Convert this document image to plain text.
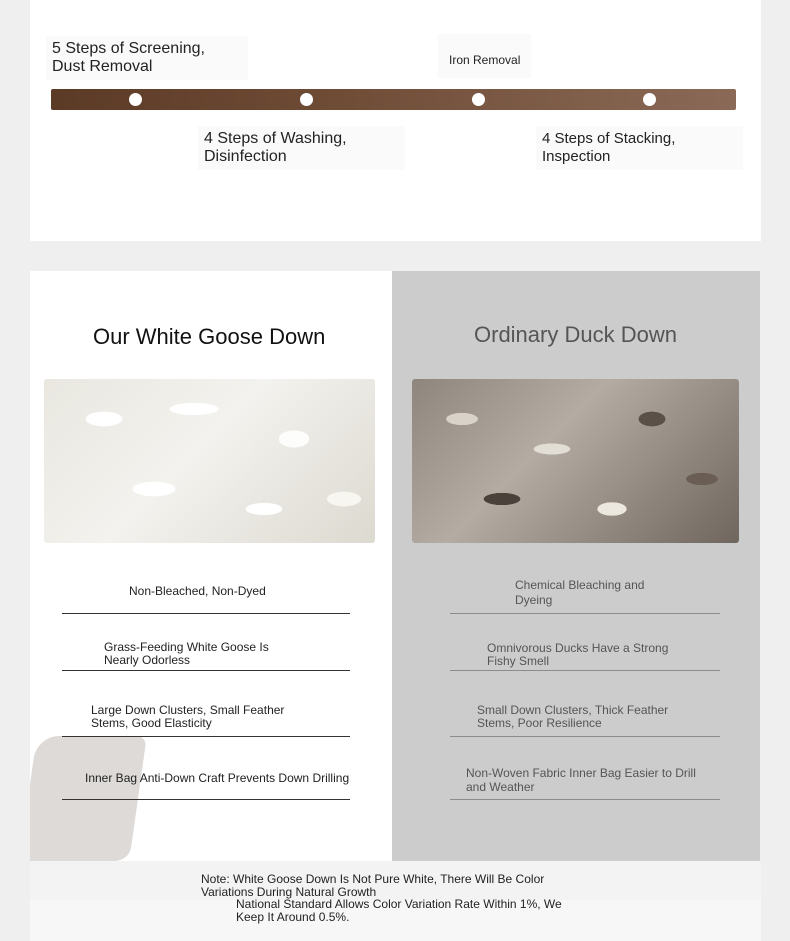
5 Steps of Screening, Dust Removal	Iron Removal
4 Steps of Washing, Disinfection
4 Steps of Stacking, Inspection
Our White Goose Down	Ordinary Duck Down
Non-Bleached, Non-Dyed
Grass-Feeding White Goose Is Nearly Odorless
Large Down Clusters, Small Feather Stems, Good Elasticity
Inner Bag Anti-Down Craft Prevents Down Drilling
Chemical Bleaching and Dyeing
Omnivorous Ducks Have a Strong Fishy Smell
Small Down Clusters, Thick Feather Stems, Poor Resilience
Non-Woven Fabric Inner Bag Easier to Drill and Weather
Note: White Goose Down Is Not Pure White, There Will Be Color Variations During Natural Growth
National Standard Allows Color Variation Rate Within 1%, We Keep It Around 0.5%.
